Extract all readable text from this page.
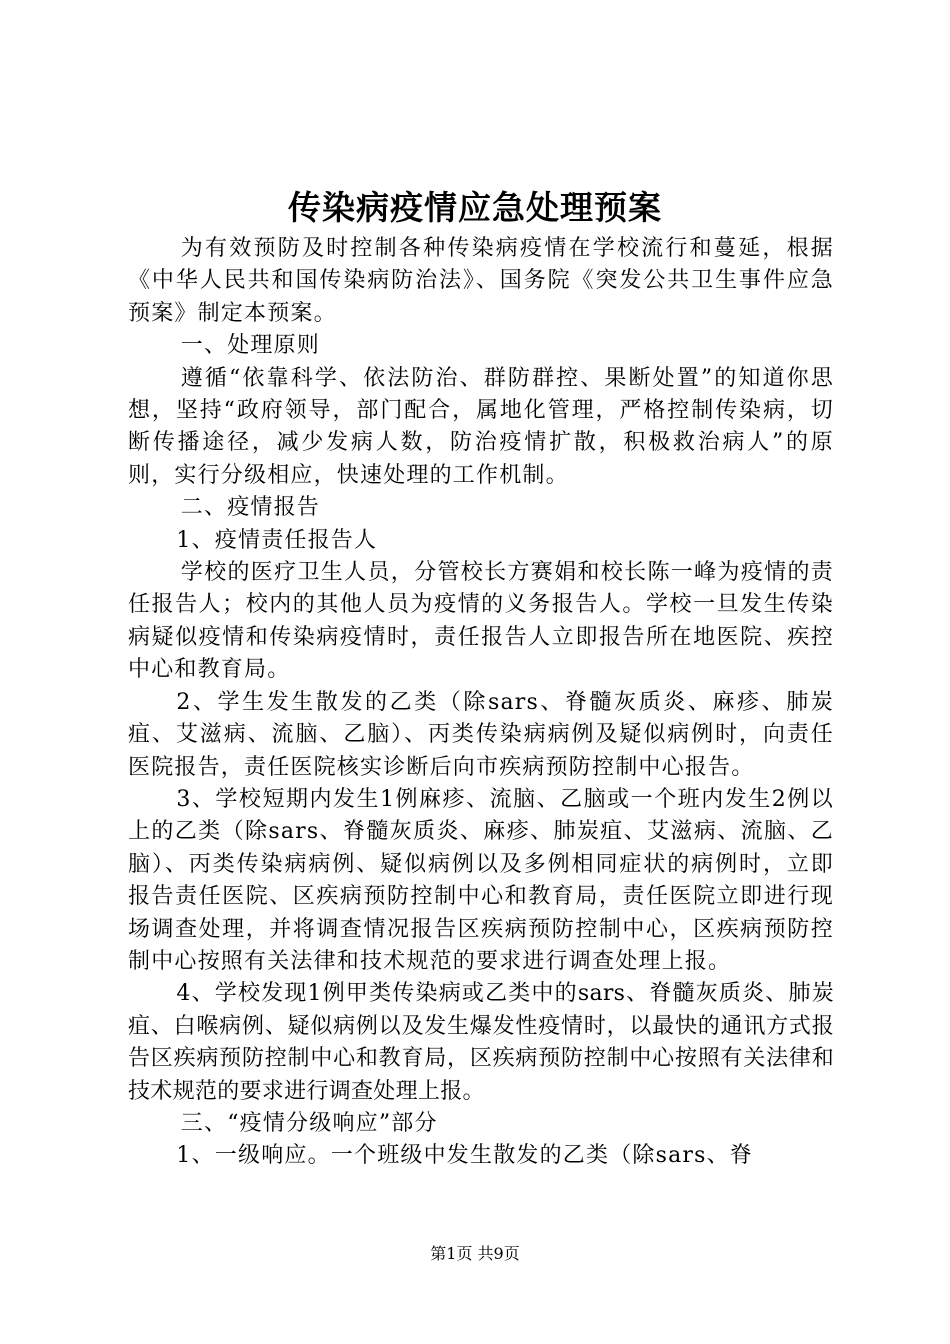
传染病疫情应急处理预案

为有效预防及时控制各种传染病疫情在学校流行和蔓延，根据《中华人民共和国传染病防治法》、国务院《突发公共卫生事件应急预案》制定本预案。

一、处理原则

遵循“依靠科学、依法防治、群防群控、果断处置”的知道你思想，坚持“政府领导，部门配合，属地化管理，严格控制传染病，切断传播途径，减少发病人数，防治疫情扩散，积极救治病人”的原则，实行分级相应，快速处理的工作机制。

二、疫情报告

1、疫情责任报告人

学校的医疗卫生人员，分管校长方赛娟和校长陈一峰为疫情的责任报告人；校内的其他人员为疫情的义务报告人。学校一旦发生传染病疑似疫情和传染病疫情时，责任报告人立即报告所在地医院、疾控中心和教育局。

2、学生发生散发的乙类（除sars、脊髓灰质炎、麻疹、肺炭疽、艾滋病、流脑、乙脑）、丙类传染病病例及疑似病例时，向责任医院报告，责任医院核实诊断后向市疾病预防控制中心报告。

3、学校短期内发生1例麻疹、流脑、乙脑或一个班内发生2例以上的乙类（除sars、脊髓灰质炎、麻疹、肺炭疽、艾滋病、流脑、乙脑）、丙类传染病病例、疑似病例以及多例相同症状的病例时，立即报告责任医院、区疾病预防控制中心和教育局，责任医院立即进行现场调查处理，并将调查情况报告区疾病预防控制中心，区疾病预防控制中心按照有关法律和技术规范的要求进行调查处理上报。

4、学校发现1例甲类传染病或乙类中的sars、脊髓灰质炎、肺炭疽、白喉病例、疑似病例以及发生爆发性疫情时，以最快的通讯方式报告区疾病预防控制中心和教育局，区疾病预防控制中心按照有关法律和技术规范的要求进行调查处理上报。

三、“疫情分级响应”部分

1、一级响应。一个班级中发生散发的乙类（除sars、脊

第1页 共9页
